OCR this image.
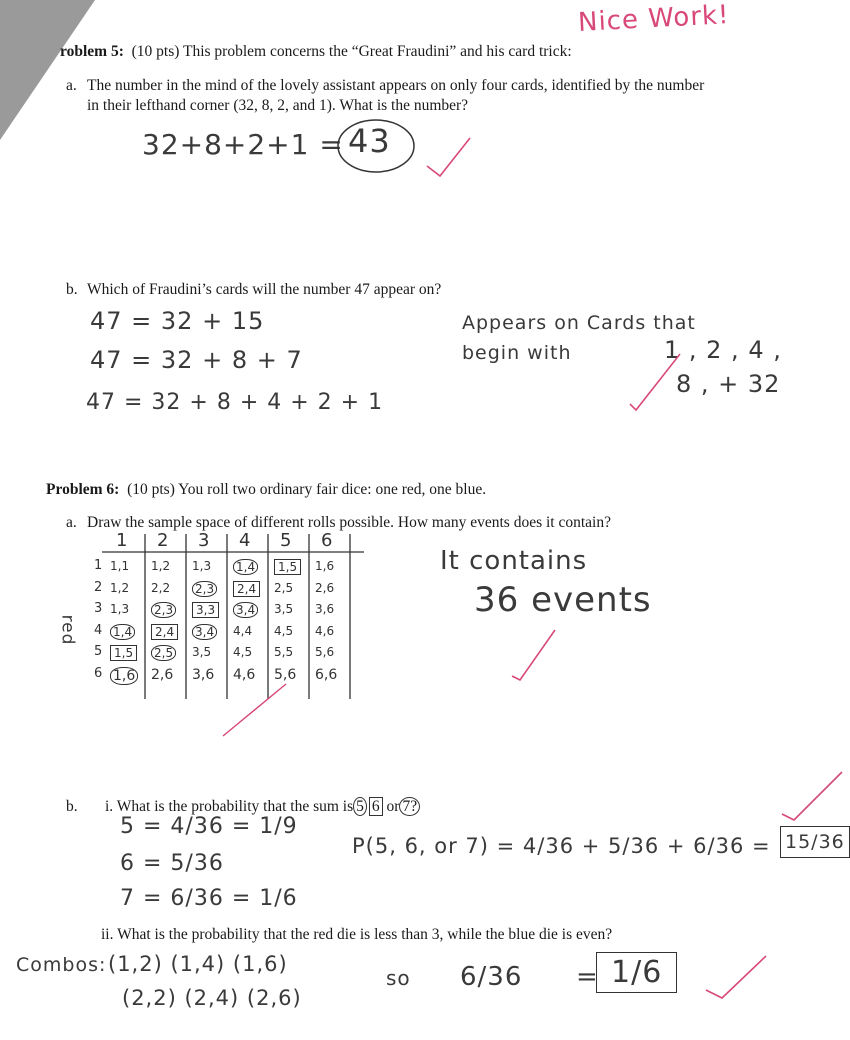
Nice Work!
roblem 5: (10 pts) This problem concerns the “Great Fraudini” and his card trick:
a. The number in the mind of the lovely assistant appears on only four cards, identified by the number
in their lefthand corner (32, 8, 2, and 1). What is the number?
32+8+2+1 = 43
b. Which of Fraudini’s cards will the number 47 appear on?
47 = 32 + 15
47 = 32 + 8 + 7
47 = 32 + 8 + 4 + 2 + 1
Appears on Cards that
begin with	1 , 2 , 4 ,
8 , + 32
Problem 6: (10 pts) You roll two ordinary fair dice: one red, one blue.
a. Draw the sample space of different rolls possible. How many events does it contain?
1 2 3 4 5 6
1 1,1 1,2 1,3 1,4	1,5	1,6
2 1,2 2,2 2,3	2,4	2,5 2,6
3 1,3 2,3	3,3	3,4 3,5 3,6
4 1,4	2,4	3,4 4,4 4,5 4,6
5 1,5	2,5 3,5 4,5 5,5 5,6
6 1,6 2,6 3,6 4,6 5,6 6,6
red
It contains
36 events
b. i. What is the probability that the sum is 5 6 or 7?
5 = 4/36 = 1/9
6 = 5/36
7 = 6/36 = 1/6
P(5, 6, or 7) = 4/36 + 5/36 + 6/36 = 15/36
ii. What is the probability that the red die is less than 3, while the blue die is even?
Combos: (1,2) (1,4) (1,6)
(2,2) (2,4) (2,6)
so 6/36 = 1/6
